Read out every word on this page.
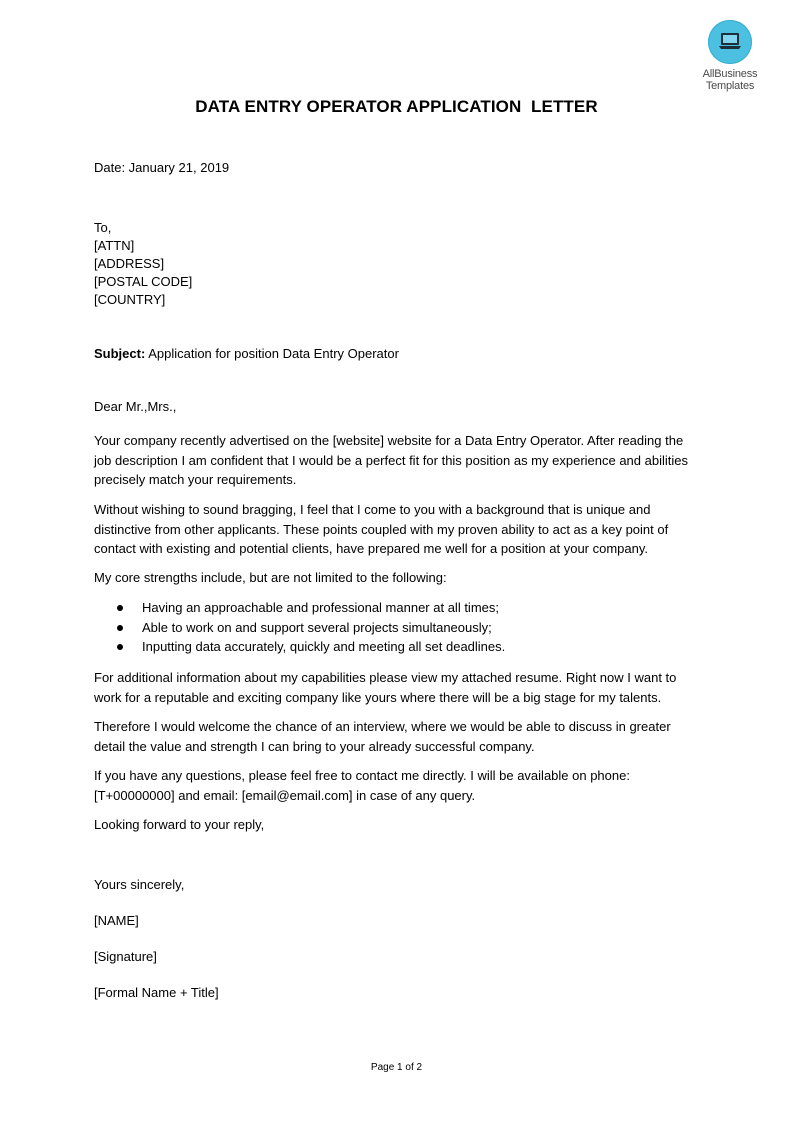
AllBusiness
Templates
DATA ENTRY OPERATOR APPLICATION  LETTER
Date: January 21, 2019
To,
[ATTN]
[ADDRESS]
[POSTAL CODE]
[COUNTRY]
Subject: Application for position Data Entry Operator
Dear Mr.,Mrs.,
Your company recently advertised on the [website] website for a Data Entry Operator. After reading the job description I am confident that I would be a perfect fit for this position as my experience and abilities precisely match your requirements.
Without wishing to sound bragging, I feel that I come to you with a background that is unique and distinctive from other applicants. These points coupled with my proven ability to act as a key point of contact with existing and potential clients, have prepared me well for a position at your company.
My core strengths include, but are not limited to the following:
Having an approachable and professional manner at all times;
Able to work on and support several projects simultaneously;
Inputting data accurately, quickly and meeting all set deadlines.
For additional information about my capabilities please view my attached resume. Right now I want to work for a reputable and exciting company like yours where there will be a big stage for my talents.
Therefore I would welcome the chance of an interview, where we would be able to discuss in greater detail the value and strength I can bring to your already successful company.
If you have any questions, please feel free to contact me directly. I will be available on phone: [T+00000000] and email: [email@email.com] in case of any query.
Looking forward to your reply,
Yours sincerely,
[NAME]
[Signature]
[Formal Name + Title]
Page 1 of 2
